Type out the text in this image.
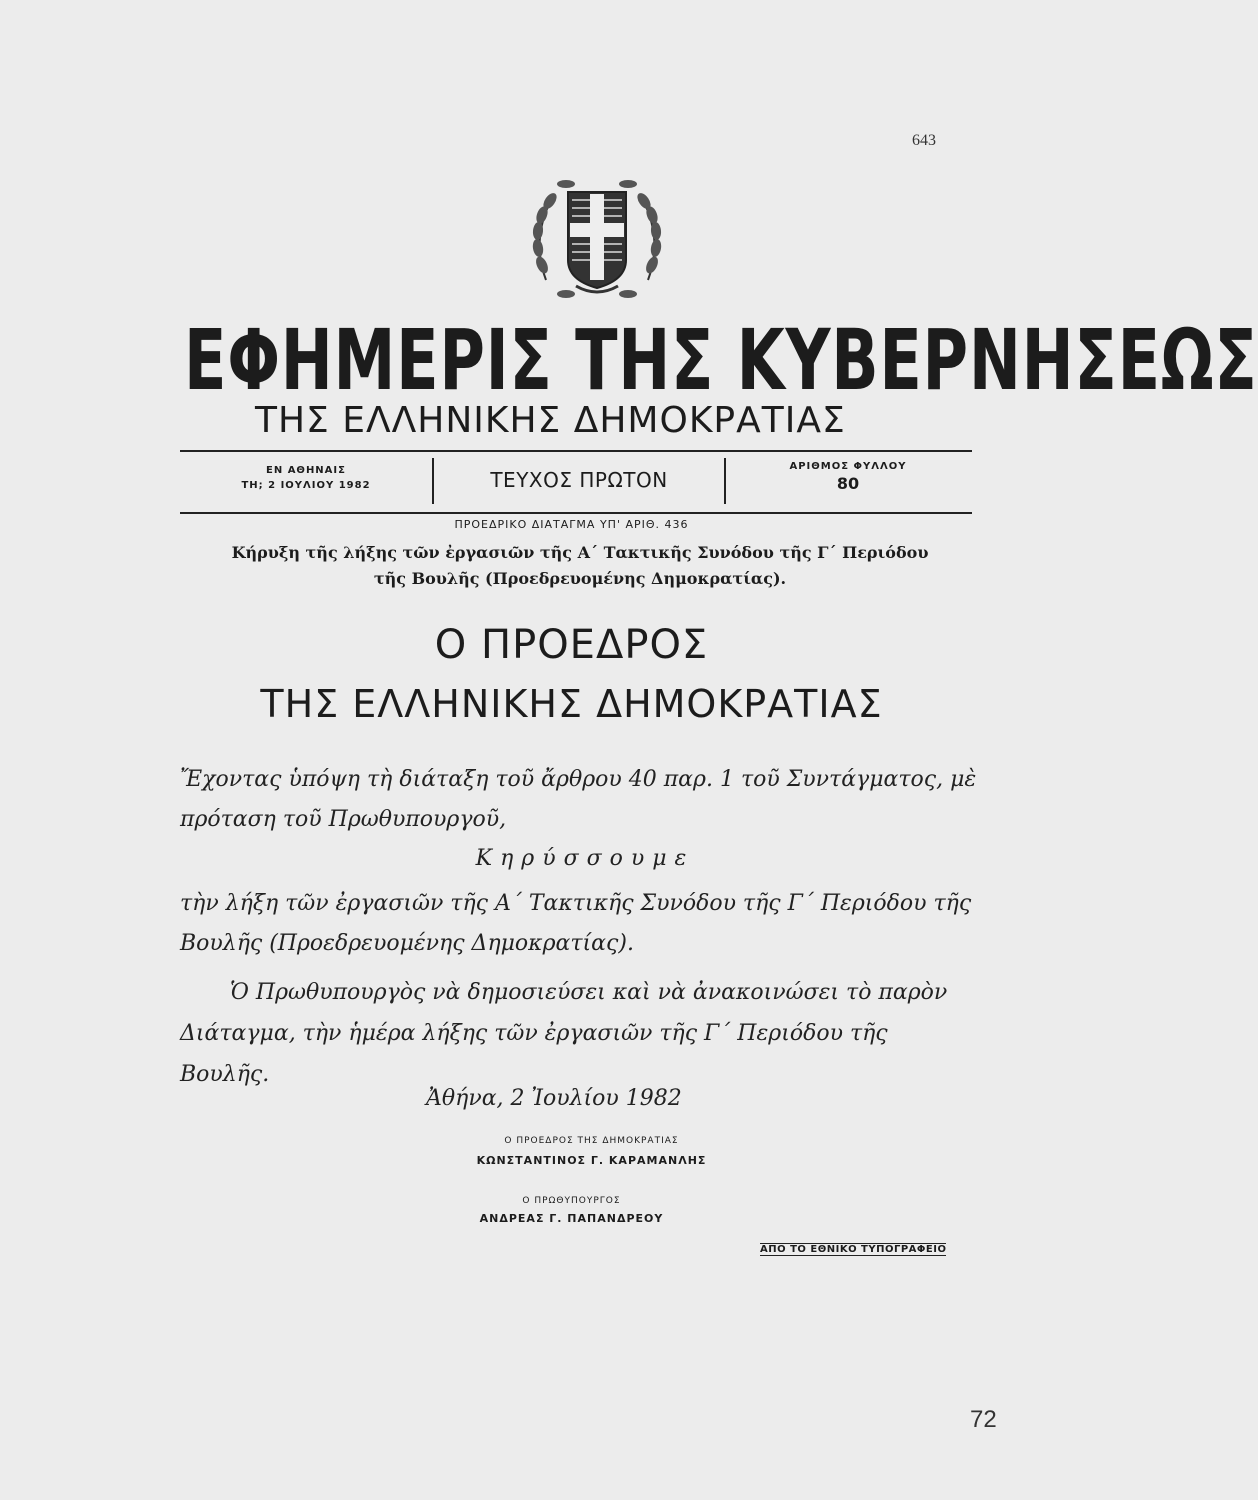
643
ΕΦΗΜΕΡΙΣ ΤΗΣ ΚΥΒΕΡΝΗΣΕΩΣ
ΤΗΣ ΕΛΛΗΝΙΚΗΣ ΔΗΜΟΚΡΑΤΙΑΣ
ΕΝ ΑΘΗΝΑΙΣ
ΤΗ; 2 ΙΟΥΛΙΟΥ 1982	ΤΕΥΧΟΣ ΠΡΩΤΟΝ
ΑΡΙΘΜΟΣ ΦΥΛΛΟΥ
80
ΠΡΟΕΔΡΙΚΟ ΔΙΑΤΑΓΜΑ ΥΠ' ΑΡΙΘ. 436
Κήρυξη τῆς λήξης τῶν ἐργασιῶν τῆς Α΄ Τακτικῆς Συνόδου τῆς Γ΄ Περιόδου τῆς Βουλῆς (Προεδρευομένης Δημοκρατίας).
Ο ΠΡΟΕΔΡΟΣ
ΤΗΣ ΕΛΛΗΝΙΚΗΣ ΔΗΜΟΚΡΑΤΙΑΣ
Ἔχοντας ὑπόψη τὴ διάταξη τοῦ ἄρθρου 40 παρ. 1 τοῦ Συντάγματος, μὲ πρόταση τοῦ Πρωθυπουργοῦ,
Κηρύσσουμε
τὴν λήξη τῶν ἐργασιῶν τῆς Α΄ Τακτικῆς Συνόδου τῆς Γ΄ Περιόδου τῆς Βουλῆς (Προεδρευομένης Δημοκρατίας).
Ὁ Πρωθυπουργὸς νὰ δημοσιεύσει καὶ νὰ ἀνακοινώσει τὸ παρὸν Διάταγμα, τὴν ἡμέρα λήξης τῶν ἐργασιῶν τῆς Γ΄ Περιόδου τῆς Βουλῆς.
Ἀθήνα, 2 Ἰουλίου 1982
Ο ΠΡΟΕΔΡΟΣ ΤΗΣ ΔΗΜΟΚΡΑΤΙΑΣ
ΚΩΝΣΤΑΝΤΙΝΟΣ Γ. ΚΑΡΑΜΑΝΛΗΣ
Ο ΠΡΩΘΥΠΟΥΡΓΟΣ
ΑΝΔΡΕΑΣ Γ. ΠΑΠΑΝΔΡΕΟΥ
ΑΠΟ ΤΟ ΕΘΝΙΚΟ ΤΥΠΟΓΡΑΦΕΙΟ
72
